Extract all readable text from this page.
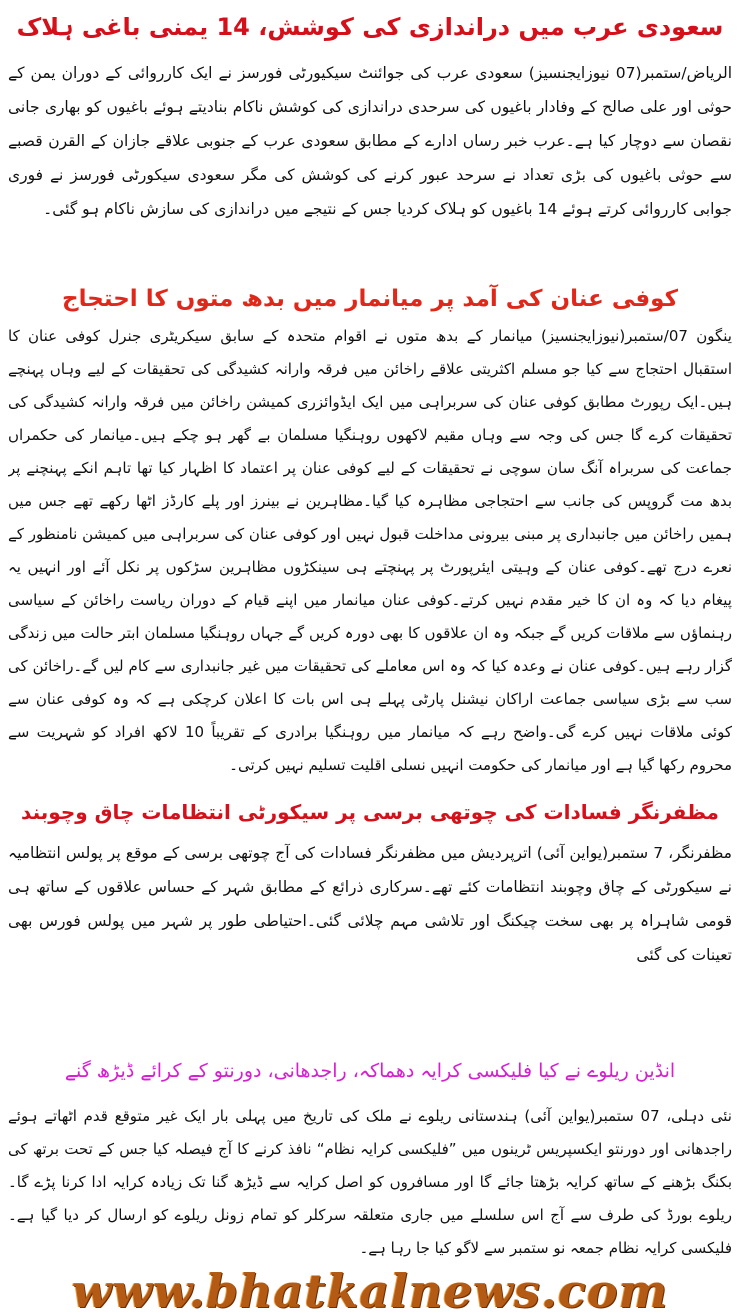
سعودی عرب میں دراندازی کی کوشش، 14 یمنی باغی ہلاک
الریاض/ستمبر(07 نیوزایجنسیز) سعودی عرب کی جوائنٹ سیکیورٹی فورسز نے ایک کارروائی کے دوران یمن کے حوثی اور علی صالح کے وفادار باغیوں کی سرحدی دراندازی کی کوشش ناکام بنادیتے ہوئے باغیوں کو بھاری جانی نقصان سے دوچار کیا ہے۔عرب خبر رساں ادارے کے مطابق سعودی عرب کے جنوبی علاقے جازان کے القرن قصبے سے حوثی باغیوں کی بڑی تعداد نے سرحد عبور کرنے کی کوشش کی مگر سعودی سیکورٹی فورسز نے فوری جوابی کارروائی کرتے ہوئے 14 باغیوں کو ہلاک کردیا جس کے نتیجے میں دراندازی کی سازش ناکام ہو گئی۔
کوفی عنان کی آمد پر میانمار میں بدھ متوں کا احتجاج
ینگون 07/ستمبر(نیوزایجنسیز) میانمار کے بدھ متوں نے اقوام متحدہ کے سابق سیکریٹری جنرل کوفی عنان کا استقبال احتجاج سے کیا جو مسلم اکثریتی علاقے راخائن میں فرقہ وارانہ کشیدگی کی تحقیقات کے لیے وہاں پہنچے ہیں۔ایک رپورٹ مطابق کوفی عنان کی سربراہی میں ایک ایڈوائزری کمیشن راخائن میں فرقہ وارانہ کشیدگی کی تحقیقات کرے گا جس کی وجہ سے وہاں مقیم لاکھوں روہنگیا مسلمان بے گھر ہو چکے ہیں۔میانمار کی حکمراں جماعت کی سربراہ آنگ سان سوچی نے تحقیقات کے لیے کوفی عنان پر اعتماد کا اظہار کیا تھا تاہم انکے پہنچنے پر بدھ مت گروپس کی جانب سے احتجاجی مظاہرہ کیا گیا۔مظاہرین نے بینرز اور پلے کارڈز اٹھا رکھے تھے جس میں ہمیں راخائن میں جانبداری پر مبنی بیرونی مداخلت قبول نہیں اور کوفی عنان کی سربراہی میں کمیشن نامنظور کے نعرے درج تھے۔کوفی عنان کے وہیتی ایئرپورٹ پر پہنچتے ہی سینکڑوں مظاہرین سڑکوں پر نکل آئے اور انہیں یہ پیغام دیا کہ وہ ان کا خیر مقدم نہیں کرتے۔کوفی عنان میانمار میں اپنے قیام کے دوران ریاست راخائن کے سیاسی رہنماؤں سے ملاقات کریں گے جبکہ وہ ان علاقوں کا بھی دورہ کریں گے جہاں روہنگیا مسلمان ابتر حالت میں زندگی گزار رہے ہیں۔کوفی عنان نے وعدہ کیا کہ وہ اس معاملے کی تحقیقات میں غیر جانبداری سے کام لیں گے۔راخائن کی سب سے بڑی سیاسی جماعت اراکان نیشنل پارٹی پہلے ہی اس بات کا اعلان کرچکی ہے کہ وہ کوفی عنان سے کوئی ملاقات نہیں کرے گی۔واضح رہے کہ میانمار میں روہنگیا برادری کے تقریباً 10 لاکھ افراد کو شہریت سے محروم رکھا گیا ہے اور میانمار کی حکومت انہیں نسلی اقلیت تسلیم نہیں کرتی۔
مظفرنگر فسادات کی چوتھی برسی پر سیکورٹی انتظامات چاق وچوبند
مظفرنگر، 7 ستمبر(یواین آئی) اترپردیش میں مظفرنگر فسادات کی آج چوتھی برسی کے موقع پر پولس انتظامیہ نے سیکورٹی کے چاق وچوبند انتظامات کئے تھے۔سرکاری ذرائع کے مطابق شہر کے حساس علاقوں کے ساتھ ہی قومی شاہراہ پر بھی سخت چیکنگ اور تلاشی مہم چلائی گئی۔احتیاطی طور پر شہر میں پولس فورس بھی تعینات کی گئی
انڈین ریلوے نے کیا فلیکسی کرایہ دھماکہ، راجدھانی، دورنتو کے کرائے ڈیڑھ گنے
نئی دہلی، 07 ستمبر(یواین آئی) ہندستانی ریلوے نے ملک کی تاریخ میں پہلی بار ایک غیر متوقع قدم اٹھاتے ہوئے راجدھانی اور دورنتو ایکسپریس ٹرینوں میں ”فلیکسی کرایہ نظام“ نافذ کرنے کا آج فیصلہ کیا جس کے تحت برتھ کی بکنگ بڑھنے کے ساتھ کرایہ بڑھتا جائے گا اور مسافروں کو اصل کرایہ سے ڈیڑھ گنا تک زیادہ کرایہ ادا کرنا پڑے گا۔ریلوے بورڈ کی طرف سے آج اس سلسلے میں جاری متعلقہ سرکلر کو تمام زونل ریلوے کو ارسال کر دیا گیا ہے۔فلیکسی کرایہ نظام جمعہ نو ستمبر سے لاگو کیا جا رہا ہے۔
www.bhatkalnews.com
